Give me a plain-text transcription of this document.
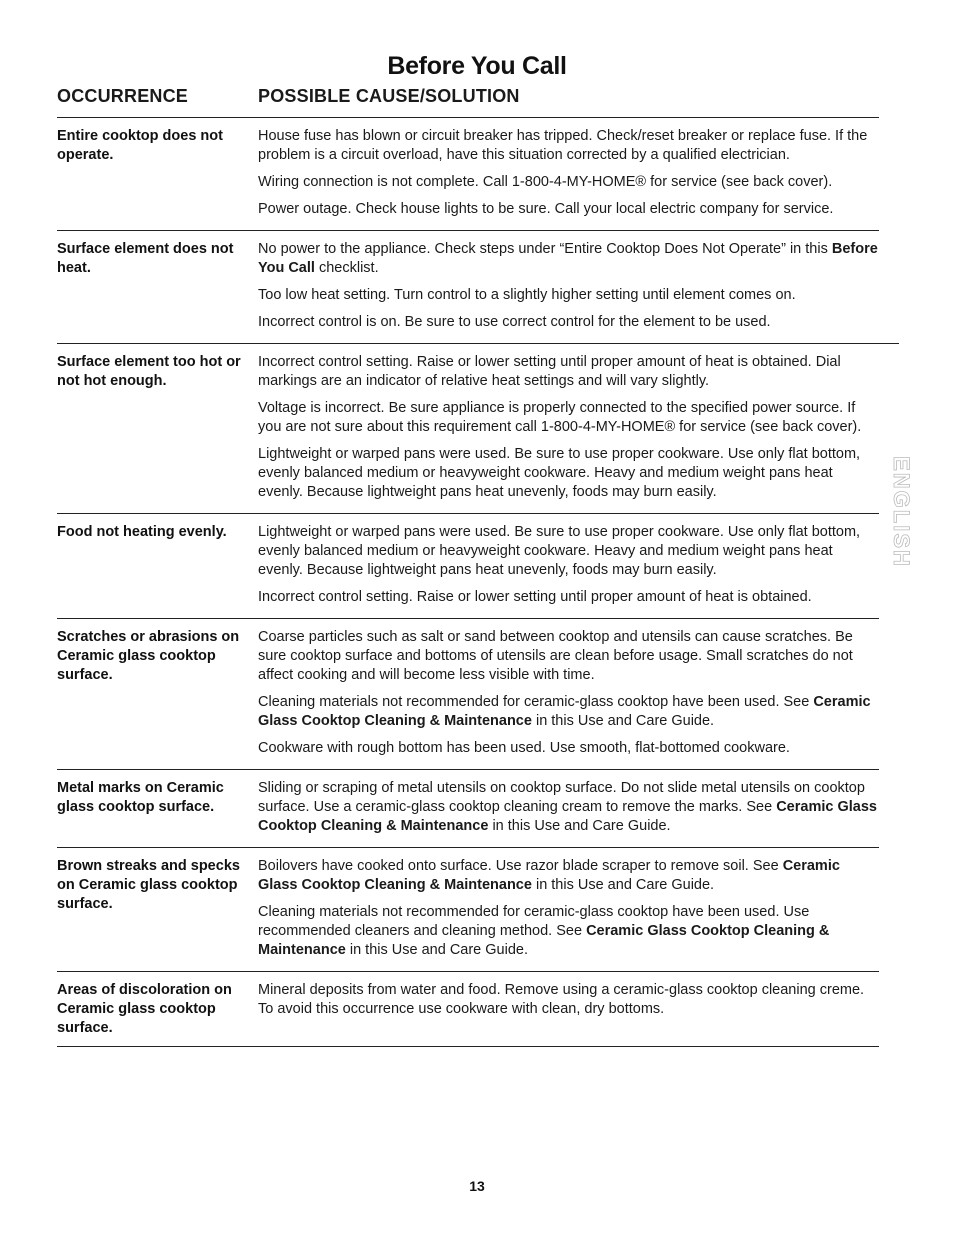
Before You Call
OCCURRENCE	POSSIBLE CAUSE/SOLUTION
Entire cooktop does not operate.

House fuse has blown or circuit breaker has tripped. Check/reset breaker or replace fuse. If the problem is a circuit overload, have this situation corrected by a qualified electrician.

Wiring connection is not complete. Call 1-800-4-MY-HOME® for service (see back cover).

Power outage. Check house lights to be sure. Call your local electric company for service.

Surface element does not heat.

No power to the appliance. Check steps under “Entire Cooktop Does Not Operate” in this Before You Call checklist.

Too low heat setting. Turn control to a slightly higher setting until element comes on.

Incorrect control is on. Be sure to use correct control for the element to be used.

Surface element too hot or not hot enough.

Incorrect control setting. Raise or lower setting until proper amount of heat is obtained. Dial markings are an indicator of relative heat settings and will vary slightly.

Voltage is incorrect. Be sure appliance is properly connected to the specified power source. If you are not sure about this requirement call 1-800-4-MY-HOME® for service (see back cover).

Lightweight or warped pans were used. Be sure to use proper cookware. Use only flat bottom, evenly balanced medium or heavyweight cookware. Heavy and medium weight pans heat evenly. Because lightweight pans heat unevenly, foods may burn easily.

Food not heating evenly.	Lightweight or warped pans were used. Be sure to use proper cookware. Use only flat bottom, evenly balanced medium or heavyweight cookware. Heavy and medium weight pans heat evenly. Because lightweight pans heat unevenly, foods may burn easily.

Incorrect control setting. Raise or lower setting until proper amount of heat is obtained.

Scratches or abrasions on Ceramic glass cooktop surface.

Coarse particles such as salt or sand between cooktop and utensils can cause scratches. Be sure cooktop surface and bottoms of utensils are clean before usage. Small scratches do not affect cooking and will become less visible with time.

Cleaning materials not recommended for ceramic-glass cooktop have been used. See Ceramic Glass Cooktop Cleaning & Maintenance in this Use and Care Guide.

Cookware with rough bottom has been used. Use smooth, flat-bottomed cookware.

Metal marks on Ceramic glass cooktop surface.

Sliding or scraping of metal utensils on cooktop surface. Do not slide metal utensils on cooktop surface. Use a ceramic-glass cooktop cleaning cream to remove the marks. See Ceramic Glass Cooktop Cleaning & Maintenance in this Use and Care Guide.

Brown streaks and specks on Ceramic glass cooktop surface.

Boilovers have cooked onto surface. Use razor blade scraper to remove soil. See Ceramic Glass Cooktop Cleaning & Maintenance in this Use and Care Guide.

Cleaning materials not recommended for ceramic-glass cooktop have been used. Use recommended cleaners and cleaning method. See Ceramic Glass Cooktop Cleaning & Maintenance in this Use and Care Guide.

Areas of discoloration on Ceramic glass cooktop surface.

Mineral deposits from water and food. Remove using a ceramic-glass cooktop cleaning creme. To avoid this occurrence use cookware with clean, dry bottoms.

ENGLISH
13
